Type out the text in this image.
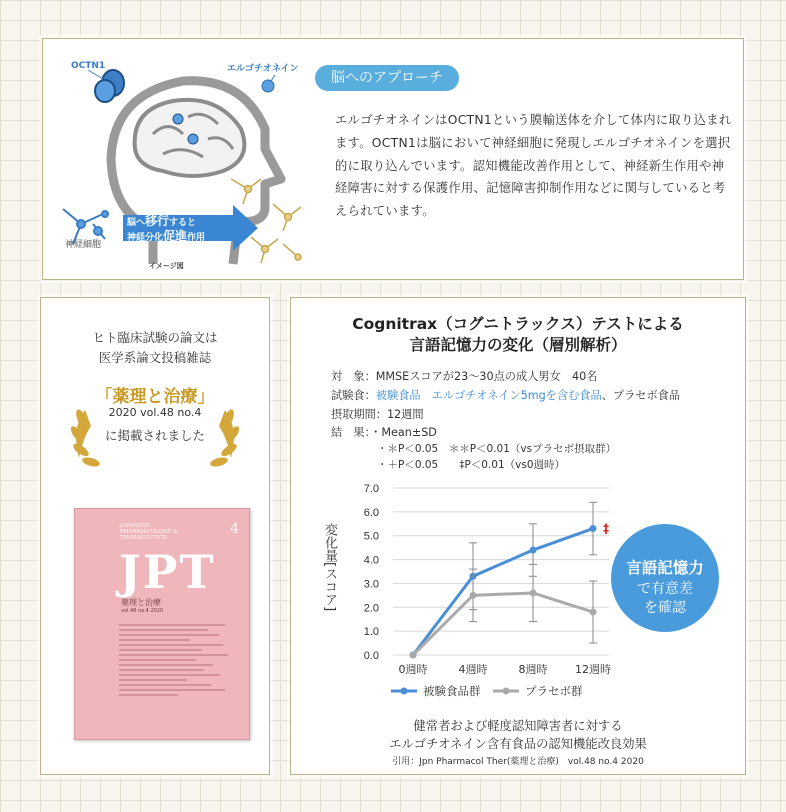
OCTN1	エルゴチオネイン
脳へ移行すると
神経分化促進作用
神経細胞
イメージ図
脳へのアプローチ
エルゴチオネインはOCTN1という膜輸送体を介して体内に取り込まれます。OCTN1は脳において神経細胞に発現しエルゴチオネインを選択的に取り込んでいます。認知機能改善作用として、神経新生作用や神経障害に対する保護作用、記憶障害抑制作用などに関与していると考えられています。
ヒト臨床試験の論文は
医学系論文投稿雑誌
「薬理と治療」
2020 vol.48 no.4
に掲載されました
JAPANESE
PHARMACOLOGY &
THERAPEUTICS
4
JPT
薬理と治療
vol.48 no.4 2020
Cognitrax（コグニトラックス）テストによる
言語記憶力の変化（層別解析）
対　象：MMSEスコアが23〜30点の成人男女　40名
試験食：被験食品　エルゴチオネイン5mgを含む食品、プラセボ食品
摂取期間：12週間
結　果：・Mean±SD
・＊P＜0.05　＊＊P＜0.01（vsプラセボ摂取群）
・＋P＜0.05　　‡P＜0.01（vs0週時）
7.0
6.0
5.0
4.0
3.0
2.0
1.0
0.0
0週時	4週時	8週時	12週時
‡
被験食品群	プラセボ群
変化量[スコア]	言語記憶力
で有意差
を確認
健常者および軽度認知障害者に対する
エルゴチオネイン含有食品の認知機能改良効果
引用：Jpn Pharmacol Ther(薬理と治療)　vol.48 no.4 2020
